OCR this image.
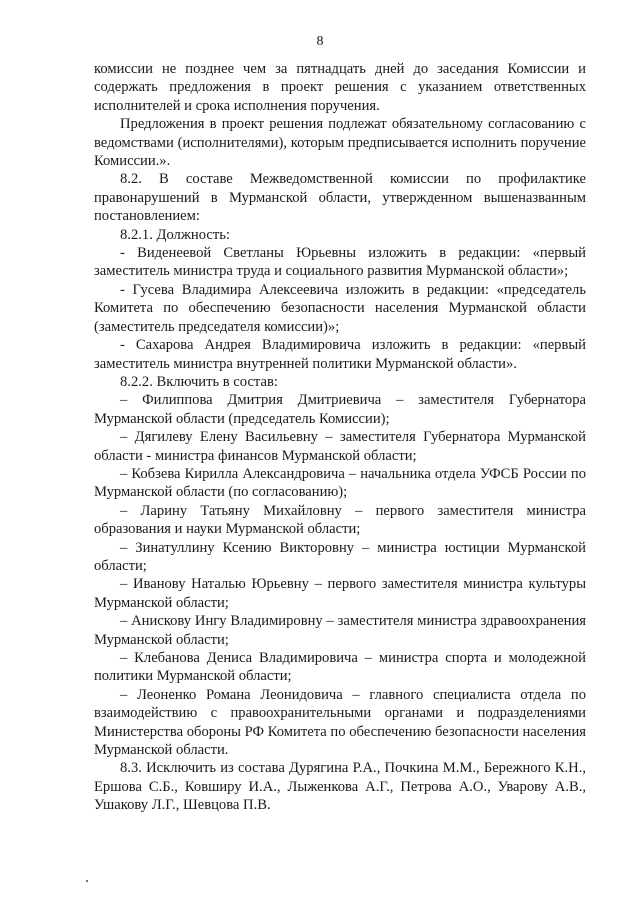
8

комиссии не позднее чем за пятнадцать дней до заседания Комиссии и содержать предложения в проект решения с указанием ответственных исполнителей и срока исполнения поручения.

Предложения в проект решения подлежат обязательному согласованию с ведомствами (исполнителями), которым предписывается исполнить поручение Комиссии.».

8.2. В составе Межведомственной комиссии по профилактике правонарушений в Мурманской области, утвержденном вышеназванным постановлением:

8.2.1. Должность:

- Виденеевой Светланы Юрьевны изложить в редакции: «первый заместитель министра труда и социального развития Мурманской области»;

- Гусева Владимира Алексеевича изложить в редакции: «председатель Комитета по обеспечению безопасности населения Мурманской области (заместитель председателя комиссии)»;

- Сахарова Андрея Владимировича изложить в редакции: «первый заместитель министра внутренней политики Мурманской области».

8.2.2. Включить в состав:

– Филиппова Дмитрия Дмитриевича – заместителя Губернатора Мурманской области (председатель Комиссии);

– Дягилеву Елену Васильевну – заместителя Губернатора Мурманской области - министра финансов Мурманской области;

– Кобзева Кирилла Александровича – начальника отдела УФСБ России по Мурманской области (по согласованию);

– Ларину Татьяну Михайловну – первого заместителя министра образования и науки Мурманской области;

– Зинатуллину Ксению Викторовну – министра юстиции Мурманской области;

– Иванову Наталью Юрьевну – первого заместителя министра культуры Мурманской области;

– Анискову Ингу Владимировну – заместителя министра здравоохранения Мурманской области;

– Клебанова Дениса Владимировича – министра спорта и молодежной политики Мурманской области;

– Леоненко Романа Леонидовича – главного специалиста отдела по взаимодействию с правоохранительными органами и подразделениями Министерства обороны РФ Комитета по обеспечению безопасности населения Мурманской области.

8.3. Исключить из состава Дурягина Р.А., Почкина М.М., Бережного К.Н., Ершова С.Б., Ковширу И.А., Лыженкова А.Г., Петрова А.О., Уварову А.В., Ушакову Л.Г., Шевцова П.В.
